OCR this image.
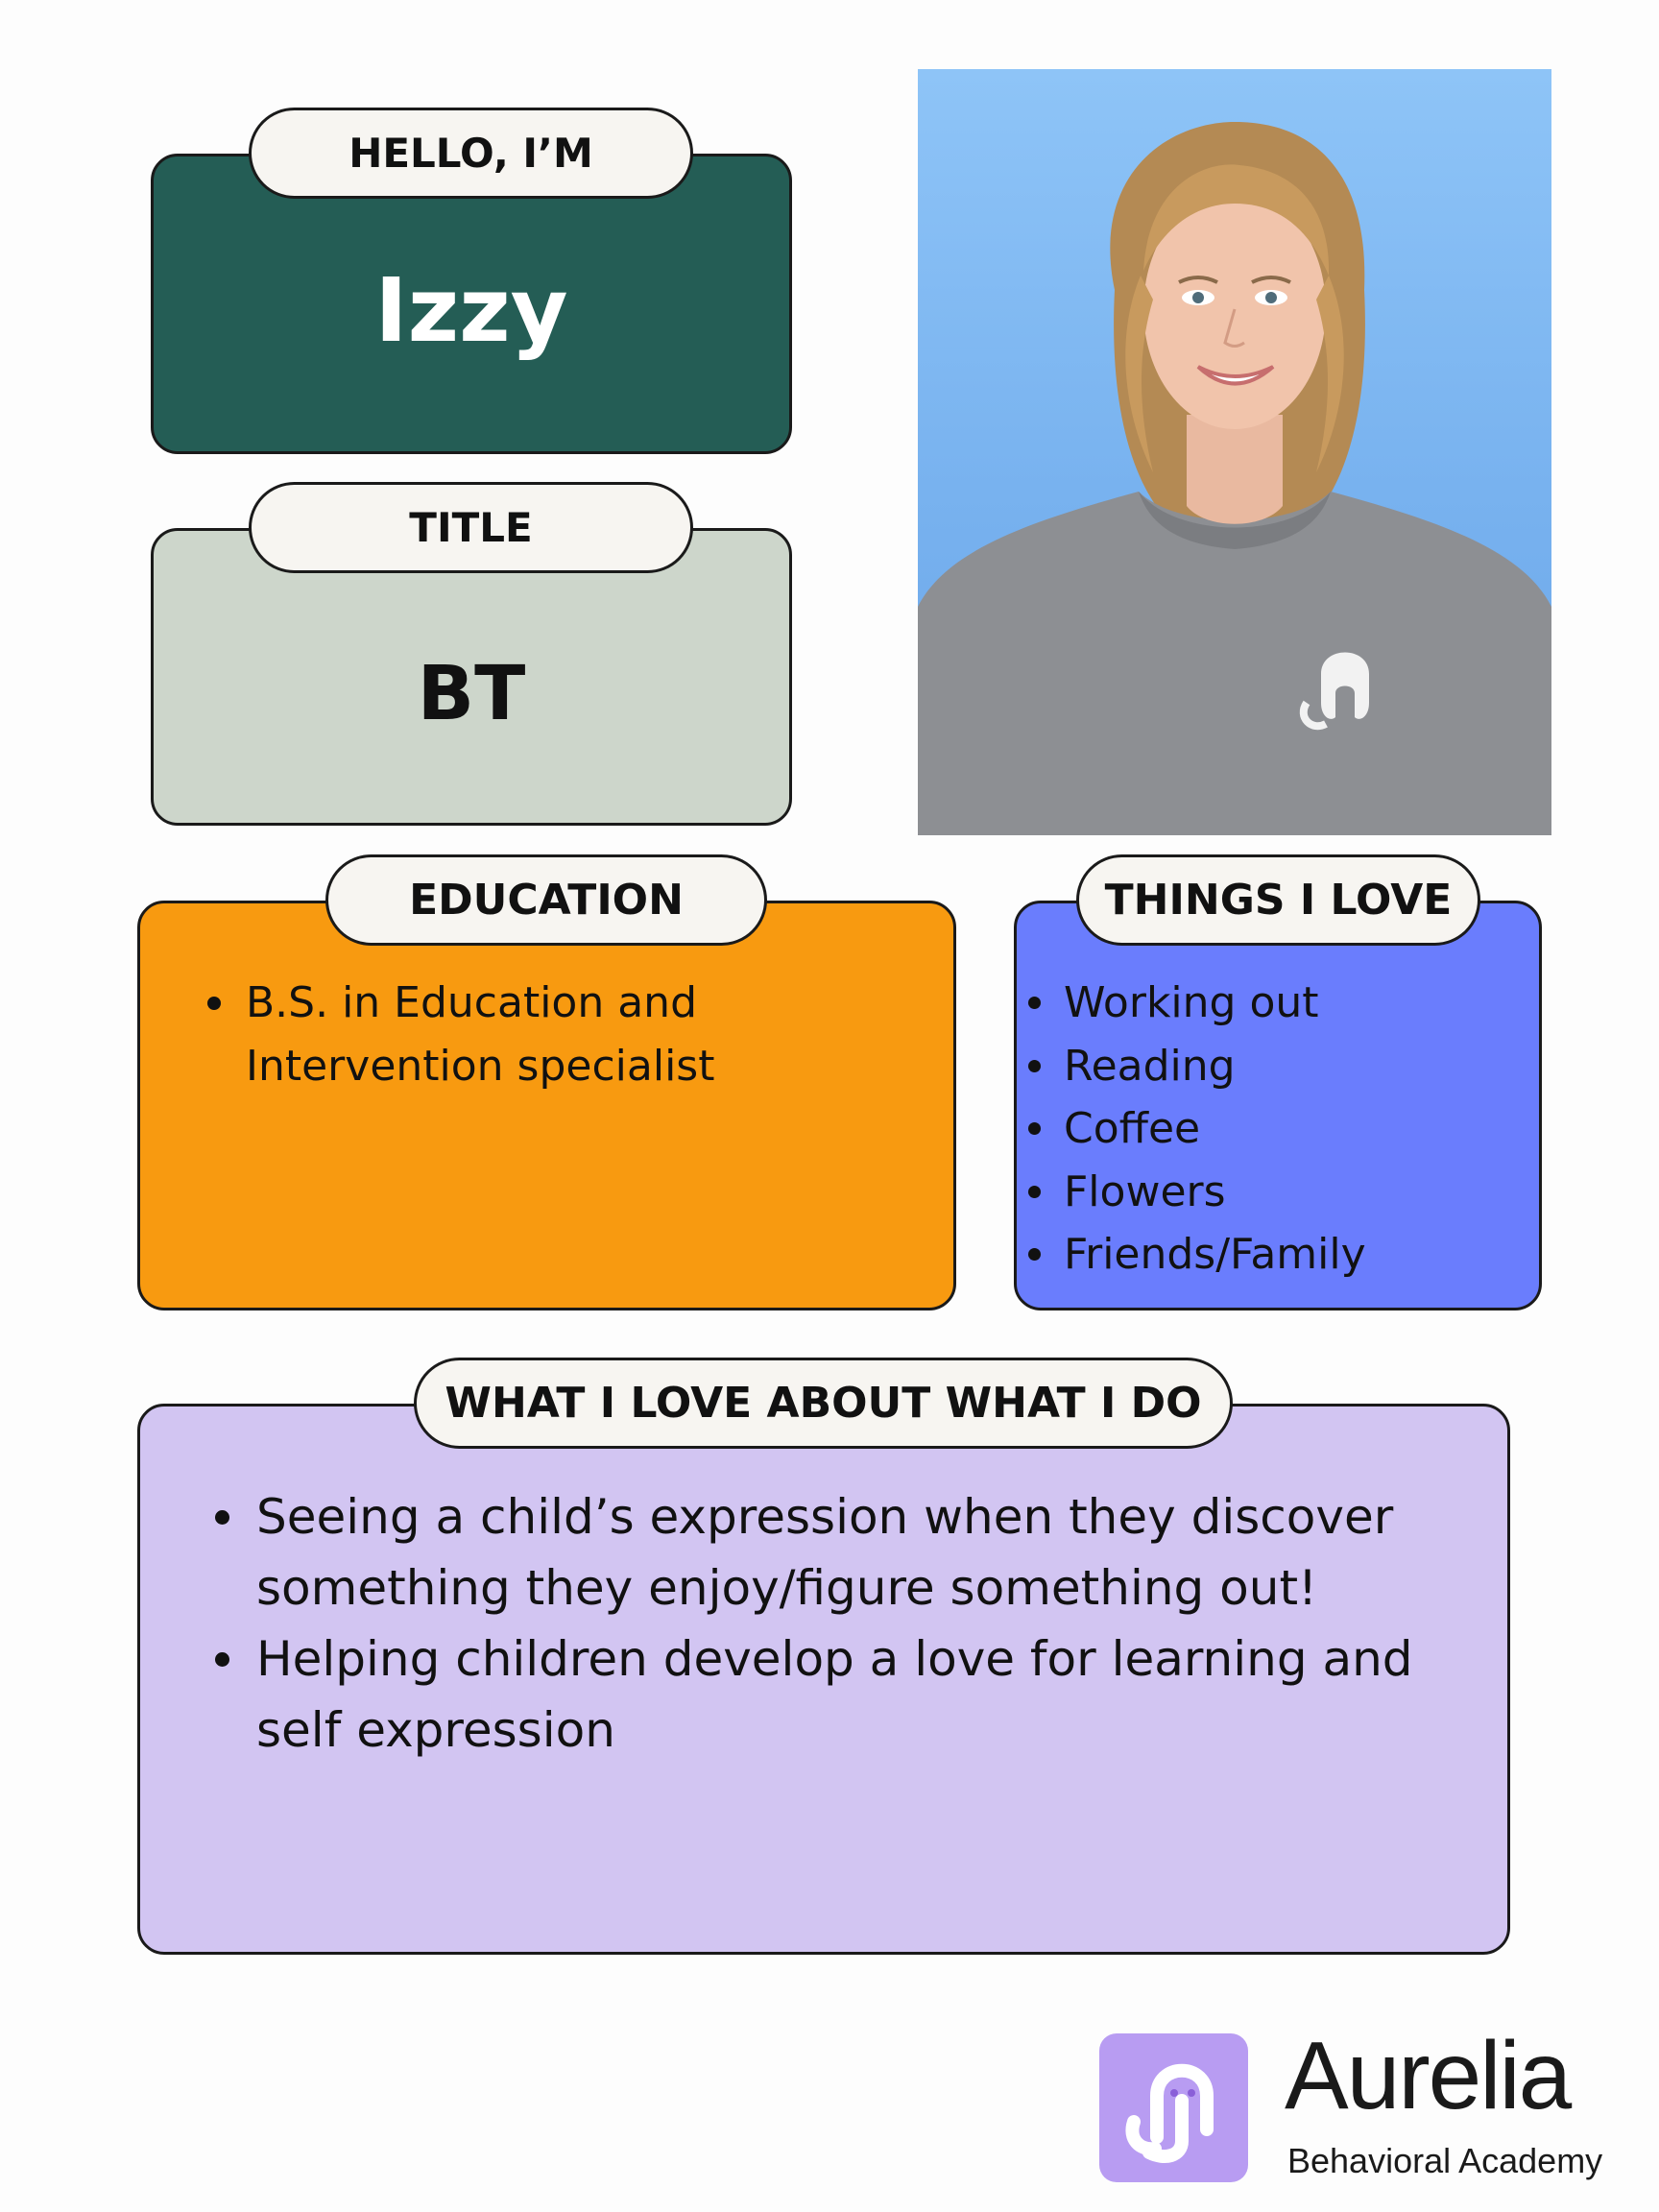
Izzy
HELLO, I’M
BT
TITLE
EDUCATION
B.S. in Education and Intervention specialist
THINGS I LOVE
Working out
Reading
Coffee
Flowers
Friends/Family
WHAT I LOVE ABOUT WHAT I DO
Seeing a child’s expression when they discover something they enjoy/figure something out!
Helping children develop a love for learning and self expression
Aurelia
Behavioral Academy
